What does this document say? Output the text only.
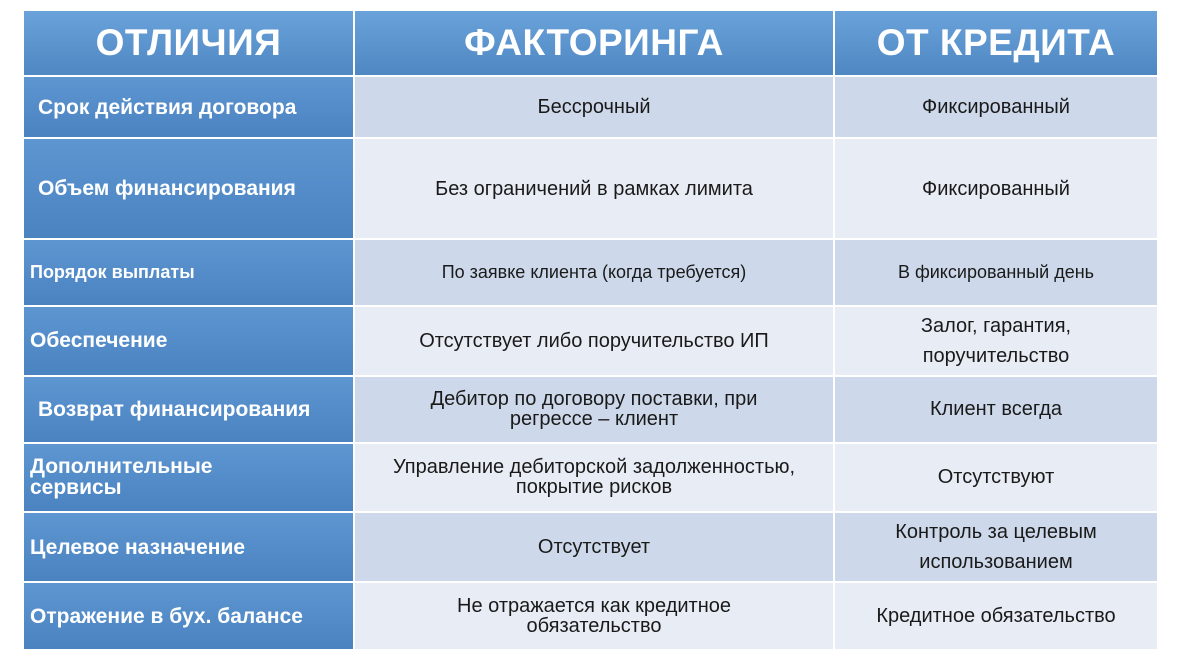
ОТЛИЧИЯ	ФАКТОРИНГА	ОТ КРЕДИТА
Срок действия договора	Бессрочный	Фиксированный
Объем финансирования	Без ограничений в рамках лимита	Фиксированный
Порядок выплаты	По заявке клиента (когда требуется)	В фиксированный день
Обеспечение	Отсутствует либо поручительство ИП	Залог, гарантия, поручительство
Возврат финансирования	Дебитор по договору поставки, при регрессе – клиент	Клиент всегда
Дополнительные сервисы	Управление дебиторской задолженностью, покрытие рисков	Отсутствуют
Целевое назначение	Отсутствует	Контроль за целевым использованием
Отражение в бух. балансе	Не отражается как кредитное обязательство	Кредитное обязательство
